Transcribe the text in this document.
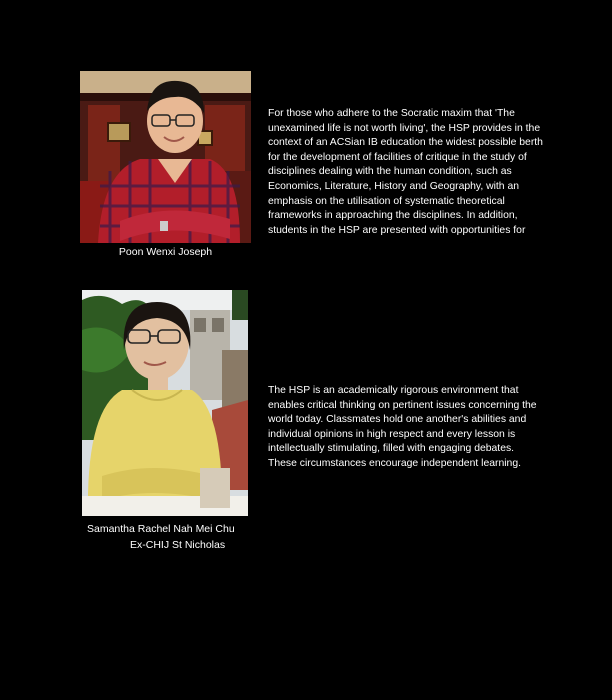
Poon Wenxi Joseph
For those who adhere to the Socratic maxim that 'The unexamined life is not worth living', the HSP provides in the context of an ACSian IB education the widest possible berth for the development of facilities of critique in the study of disciplines dealing with the human condition, such as Economics, Literature, History and Geography, with an emphasis on the utilisation of systematic theoretical frameworks in approaching the disciplines. In addition, students in the HSP are presented with opportunities for
Samantha Rachel Nah Mei Chu
Ex-CHIJ St Nicholas
The HSP is an academically rigorous environment that enables critical thinking on pertinent issues concerning the world today. Classmates hold one another's abilities and individual opinions in high respect and every lesson is intellectually stimulating, filled with engaging debates. These circumstances encourage independent learning.
